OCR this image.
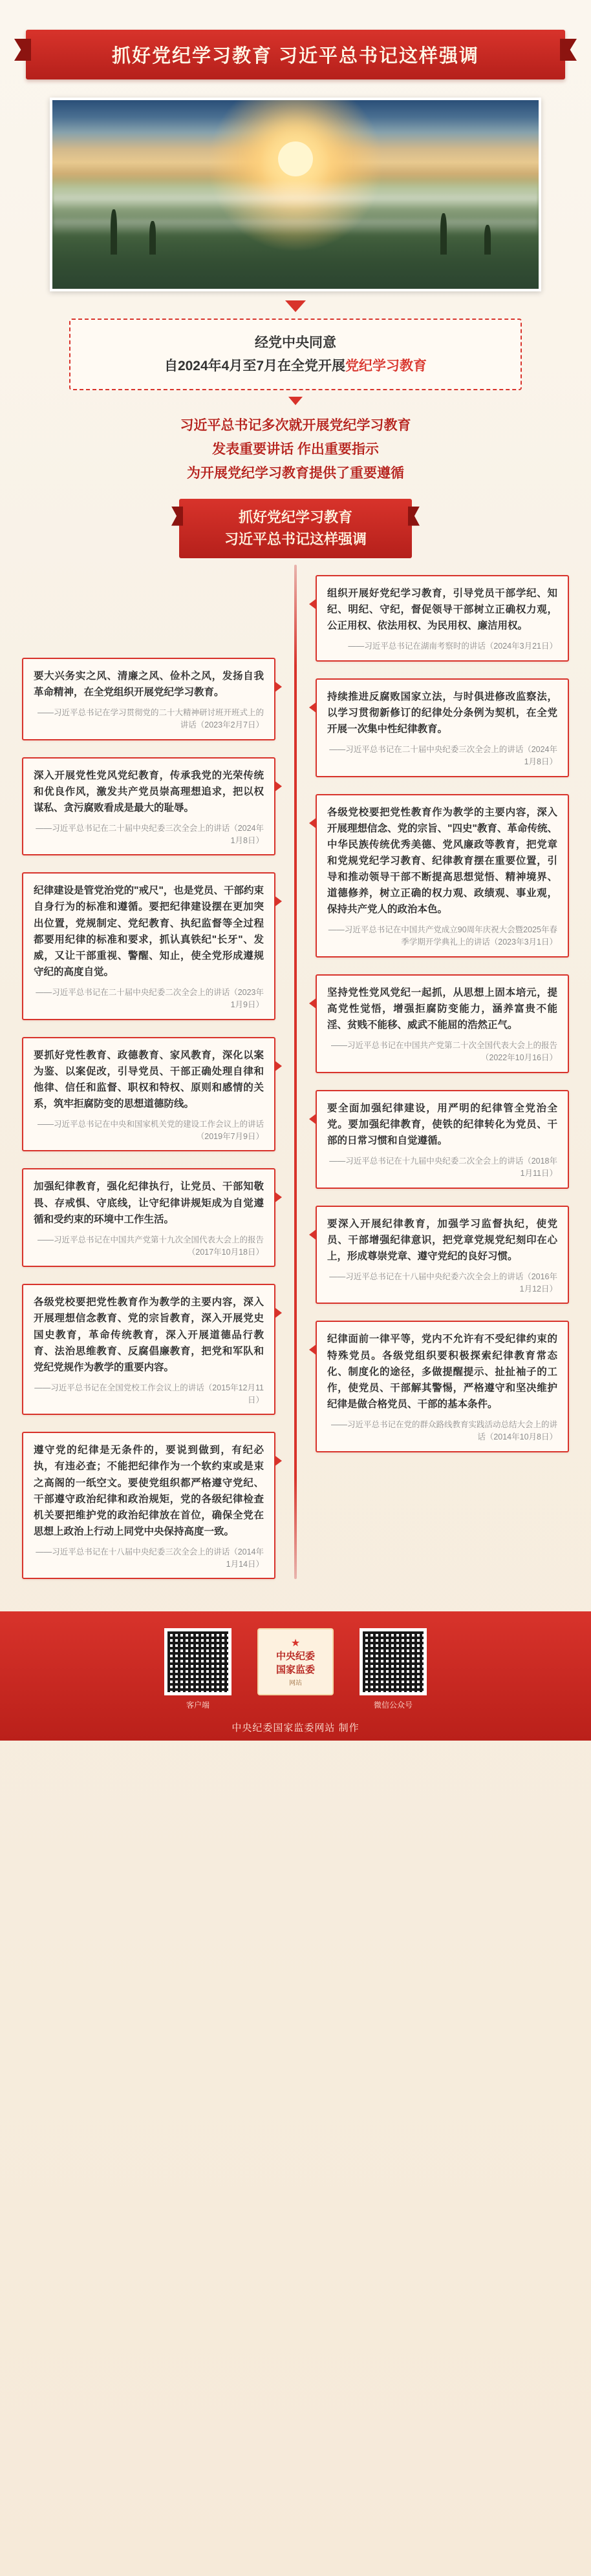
抓好党纪学习教育 习近平总书记这样强调
经党中央同意
自2024年4月至7月在全党开展党纪学习教育
习近平总书记多次就开展党纪学习教育
发表重要讲话 作出重要指示
为开展党纪学习教育提供了重要遵循
抓好党纪学习教育
习近平总书记这样强调
要大兴务实之风、清廉之风、俭朴之风，发扬自我革命精神，在全党组织开展党纪学习教育。
——习近平总书记在学习贯彻党的二十大精神研讨班开班式上的讲话（2023年2月7日）
深入开展党性党风党纪教育，传承我党的光荣传统和优良作风，激发共产党员崇高理想追求，把以权谋私、贪污腐败看成是最大的耻辱。
——习近平总书记在二十届中央纪委三次全会上的讲话（2024年1月8日）
纪律建设是管党治党的"戒尺"，也是党员、干部约束自身行为的标准和遵循。要把纪律建设摆在更加突出位置，党规制定、党纪教育、执纪监督等全过程都要用纪律的标准和要求，抓认真铁纪"长牙"、发威，又让干部重视、警醒、知止，使全党形成遵规守纪的高度自觉。
——习近平总书记在二十届中央纪委二次全会上的讲话（2023年1月9日）
要抓好党性教育、政德教育、家风教育，深化以案为鉴、以案促改，引导党员、干部正确处理自律和他律、信任和监督、职权和特权、原则和感情的关系，筑牢拒腐防变的思想道德防线。
——习近平总书记在中央和国家机关党的建设工作会议上的讲话（2019年7月9日）
加强纪律教育，强化纪律执行，让党员、干部知敬畏、存戒惧、守底线，让守纪律讲规矩成为自觉遵循和受约束的环境中工作生活。
——习近平总书记在中国共产党第十九次全国代表大会上的报告（2017年10月18日）
各级党校要把党性教育作为教学的主要内容，深入开展理想信念教育、党的宗旨教育，深入开展党史国史教育，革命传统教育，深入开展道德品行教育、法治思维教育、反腐倡廉教育，把党和军队和党纪党规作为教学的重要内容。
——习近平总书记在全国党校工作会议上的讲话（2015年12月11日）
遵守党的纪律是无条件的，要说到做到，有纪必执，有违必查；不能把纪律作为一个软约束或是束之高阁的一纸空文。要使党组织都严格遵守党纪、干部遵守政治纪律和政治规矩，党的各级纪律检查机关要把维护党的政治纪律放在首位，确保全党在思想上政治上行动上同党中央保持高度一致。
——习近平总书记在十八届中央纪委三次全会上的讲话（2014年1月14日）
组织开展好党纪学习教育，引导党员干部学纪、知纪、明纪、守纪，督促领导干部树立正确权力观，公正用权、依法用权、为民用权、廉洁用权。
——习近平总书记在湖南考察时的讲话（2024年3月21日）
持续推进反腐败国家立法，与时俱进修改监察法，以学习贯彻新修订的纪律处分条例为契机，在全党开展一次集中性纪律教育。
——习近平总书记在二十届中央纪委三次全会上的讲话（2024年1月8日）
各级党校要把党性教育作为教学的主要内容，深入开展理想信念、党的宗旨、"四史"教育、革命传统、中华民族传统优秀美德、党风廉政等教育，把党章和党规党纪学习教育、纪律教育摆在重要位置，引导和推动领导干部不断提高思想觉悟、精神境界、道德修养，树立正确的权力观、政绩观、事业观，保持共产党人的政治本色。
——习近平总书记在中国共产党成立90周年庆祝大会暨2025年春季学期开学典礼上的讲话（2023年3月1日）
坚持党性党风党纪一起抓，从思想上固本培元，提高党性觉悟，增强拒腐防变能力，涵养富贵不能淫、贫贱不能移、威武不能屈的浩然正气。
——习近平总书记在中国共产党第二十次全国代表大会上的报告（2022年10月16日）
要全面加强纪律建设，用严明的纪律管全党治全党。要加强纪律教育，使铁的纪律转化为党员、干部的日常习惯和自觉遵循。
——习近平总书记在十九届中央纪委二次全会上的讲话（2018年1月11日）
要深入开展纪律教育，加强学习监督执纪，使党员、干部增强纪律意识，把党章党规党纪刻印在心上，形成尊崇党章、遵守党纪的良好习惯。
——习近平总书记在十八届中央纪委六次全会上的讲话（2016年1月12日）
纪律面前一律平等，党内不允许有不受纪律约束的特殊党员。各级党组织要积极探索纪律教育常态化、制度化的途径，多做提醒提示、扯扯袖子的工作，使党员、干部解其警惕，严格遵守和坚决维护纪律是做合格党员、干部的基本条件。
——习近平总书记在党的群众路线教育实践活动总结大会上的讲话（2014年10月8日）
客户端
★
中央纪委
国家监委
网站
微信公众号
中央纪委国家监委网站 制作
